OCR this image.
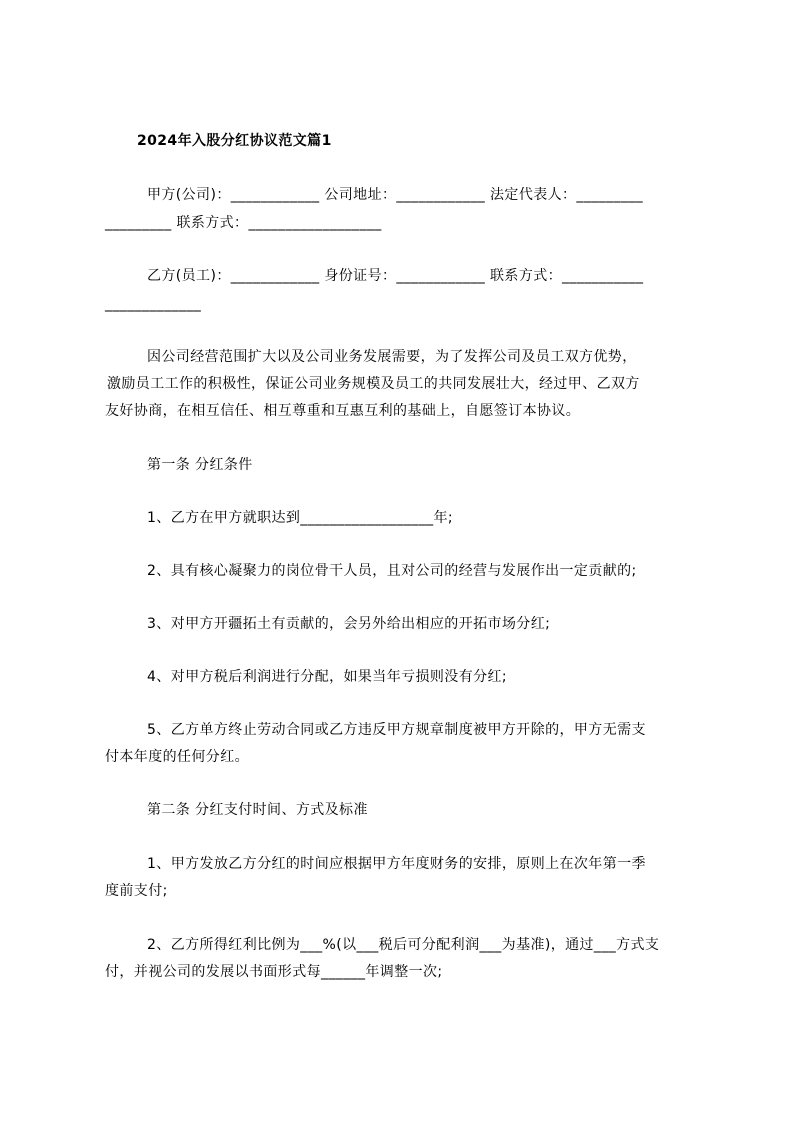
2024年入股分红协议范文篇1
甲方(公司)：____________ 公司地址：____________ 法定代表人：_________
_________ 联系方式：__________________
乙方(员工)：____________ 身份证号：____________ 联系方式：___________
_____________
因公司经营范围扩大以及公司业务发展需要，为了发挥公司及员工双方优势，
激励员工工作的积极性，保证公司业务规模及员工的共同发展壮大，经过甲、乙双方
友好协商，在相互信任、相互尊重和互惠互利的基础上，自愿签订本协议。
第一条 分红条件
1、乙方在甲方就职达到__________________年;
2、具有核心凝聚力的岗位骨干人员，且对公司的经营与发展作出一定贡献的;
3、对甲方开疆拓土有贡献的，会另外给出相应的开拓市场分红;
4、对甲方税后利润进行分配，如果当年亏损则没有分红;
5、乙方单方终止劳动合同或乙方违反甲方规章制度被甲方开除的，甲方无需支
付本年度的任何分红。
第二条 分红支付时间、方式及标准
1、甲方发放乙方分红的时间应根据甲方年度财务的安排，原则上在次年第一季
度前支付;
2、乙方所得红利比例为___%(以___税后可分配利润___为基准)，通过___方式支
付，并视公司的发展以书面形式每______年调整一次;
